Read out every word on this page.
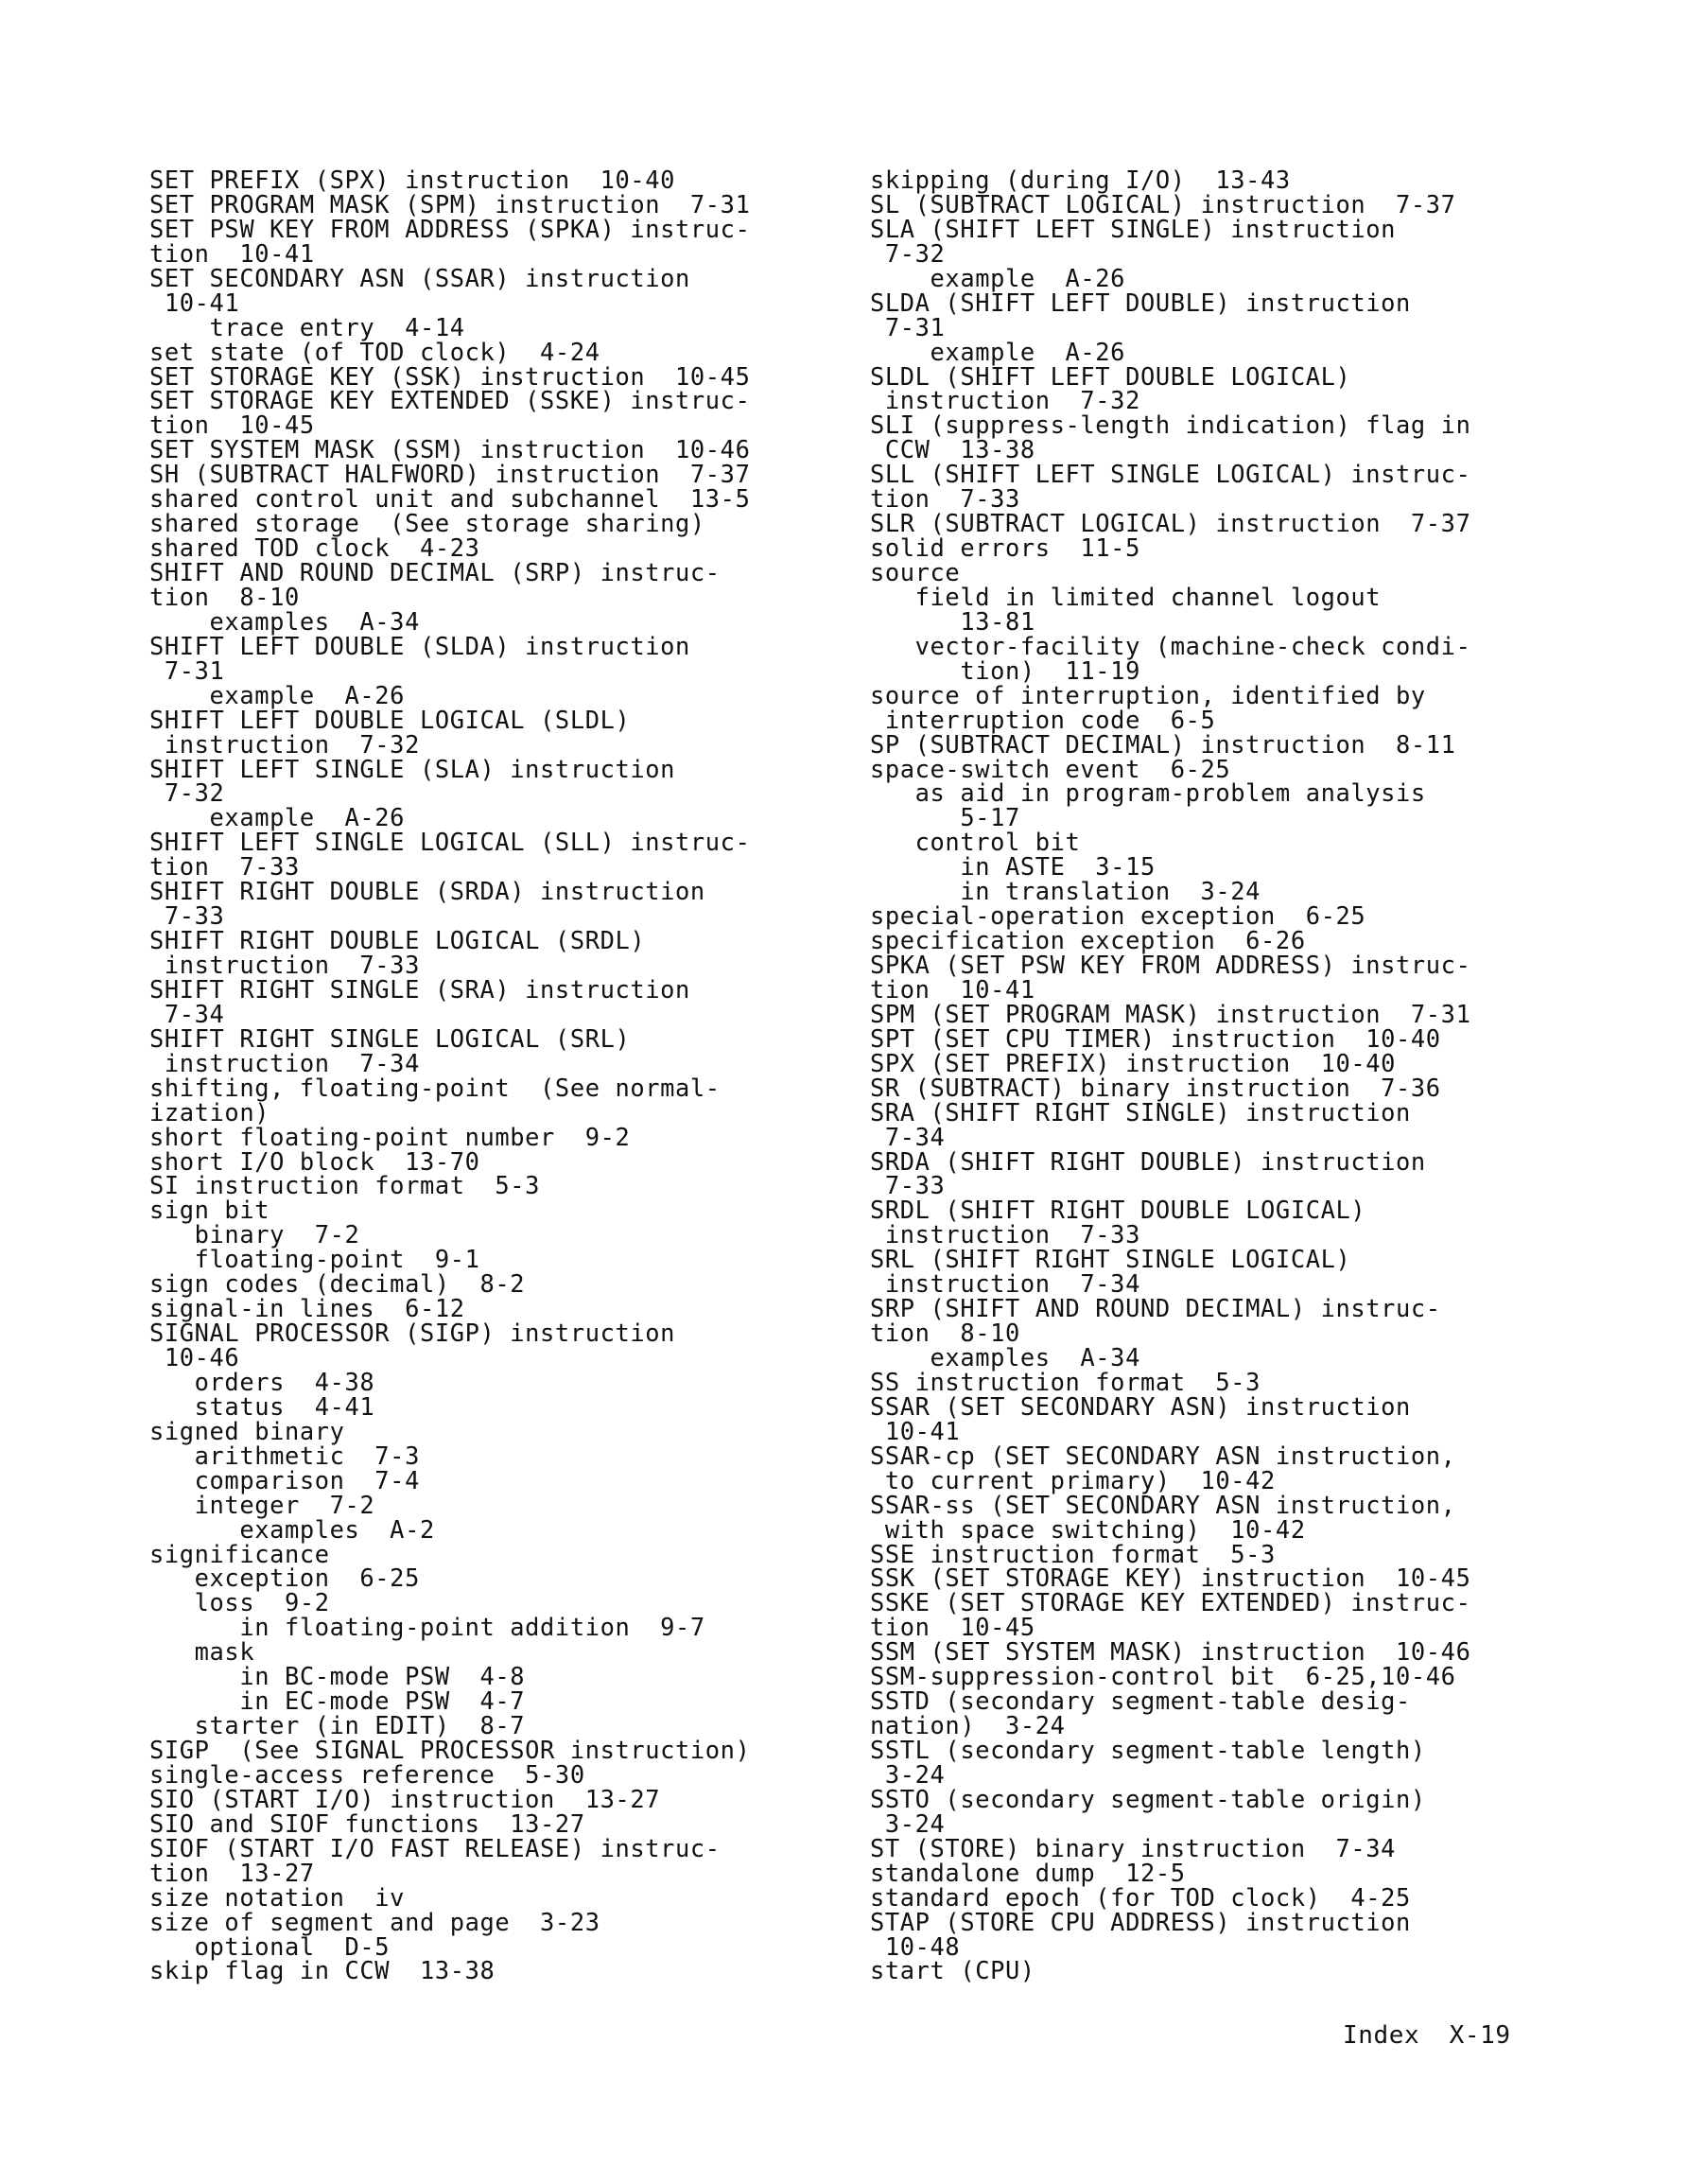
SET PREFIX (SPX) instruction  10-40
SET PROGRAM MASK (SPM) instruction  7-31
SET PSW KEY FROM ADDRESS (SPKA) instruc-
tion  10-41
SET SECONDARY ASN (SSAR) instruction
10-41
trace entry  4-14
set state (of TOD clock)  4-24
SET STORAGE KEY (SSK) instruction  10-45
SET STORAGE KEY EXTENDED (SSKE) instruc-
tion  10-45
SET SYSTEM MASK (SSM) instruction  10-46
SH (SUBTRACT HALFWORD) instruction  7-37
shared control unit and subchannel  13-5
shared storage  (See storage sharing)
shared TOD clock  4-23
SHIFT AND ROUND DECIMAL (SRP) instruc-
tion  8-10
examples  A-34
SHIFT LEFT DOUBLE (SLDA) instruction
7-31
example  A-26
SHIFT LEFT DOUBLE LOGICAL (SLDL)
instruction  7-32
SHIFT LEFT SINGLE (SLA) instruction
7-32
example  A-26
SHIFT LEFT SINGLE LOGICAL (SLL) instruc-
tion  7-33
SHIFT RIGHT DOUBLE (SRDA) instruction
7-33
SHIFT RIGHT DOUBLE LOGICAL (SRDL)
instruction  7-33
SHIFT RIGHT SINGLE (SRA) instruction
7-34
SHIFT RIGHT SINGLE LOGICAL (SRL)
instruction  7-34
shifting, floating-point  (See normal-
ization)
short floating-point number  9-2
short I/O block  13-70
SI instruction format  5-3
sign bit
binary  7-2
floating-point  9-1
sign codes (decimal)  8-2
signal-in lines  6-12
SIGNAL PROCESSOR (SIGP) instruction
10-46
orders  4-38
status  4-41
signed binary
arithmetic  7-3
comparison  7-4
integer  7-2
examples  A-2
significance
exception  6-25
loss  9-2
in floating-point addition  9-7
mask
in BC-mode PSW  4-8
in EC-mode PSW  4-7
starter (in EDIT)  8-7
SIGP  (See SIGNAL PROCESSOR instruction)
single-access reference  5-30
SIO (START I/O) instruction  13-27
SIO and SIOF functions  13-27
SIOF (START I/O FAST RELEASE) instruc-
tion  13-27
size notation  iv
size of segment and page  3-23
optional  D-5
skip flag in CCW  13-38
skipping (during I/O)  13-43
SL (SUBTRACT LOGICAL) instruction  7-37
SLA (SHIFT LEFT SINGLE) instruction
7-32
example  A-26
SLDA (SHIFT LEFT DOUBLE) instruction
7-31
example  A-26
SLDL (SHIFT LEFT DOUBLE LOGICAL)
instruction  7-32
SLI (suppress-length indication) flag in
CCW  13-38
SLL (SHIFT LEFT SINGLE LOGICAL) instruc-
tion  7-33
SLR (SUBTRACT LOGICAL) instruction  7-37
solid errors  11-5
source
field in limited channel logout
13-81
vector-facility (machine-check condi-
tion)  11-19
source of interruption, identified by
interruption code  6-5
SP (SUBTRACT DECIMAL) instruction  8-11
space-switch event  6-25
as aid in program-problem analysis
5-17
control bit
in ASTE  3-15
in translation  3-24
special-operation exception  6-25
specification exception  6-26
SPKA (SET PSW KEY FROM ADDRESS) instruc-
tion  10-41
SPM (SET PROGRAM MASK) instruction  7-31
SPT (SET CPU TIMER) instruction  10-40
SPX (SET PREFIX) instruction  10-40
SR (SUBTRACT) binary instruction  7-36
SRA (SHIFT RIGHT SINGLE) instruction
7-34
SRDA (SHIFT RIGHT DOUBLE) instruction
7-33
SRDL (SHIFT RIGHT DOUBLE LOGICAL)
instruction  7-33
SRL (SHIFT RIGHT SINGLE LOGICAL)
instruction  7-34
SRP (SHIFT AND ROUND DECIMAL) instruc-
tion  8-10
examples  A-34
SS instruction format  5-3
SSAR (SET SECONDARY ASN) instruction
10-41
SSAR-cp (SET SECONDARY ASN instruction,
to current primary)  10-42
SSAR-ss (SET SECONDARY ASN instruction,
with space switching)  10-42
SSE instruction format  5-3
SSK (SET STORAGE KEY) instruction  10-45
SSKE (SET STORAGE KEY EXTENDED) instruc-
tion  10-45
SSM (SET SYSTEM MASK) instruction  10-46
SSM-suppression-control bit  6-25,10-46
SSTD (secondary segment-table desig-
nation)  3-24
SSTL (secondary segment-table length)
3-24
SSTO (secondary segment-table origin)
3-24
ST (STORE) binary instruction  7-34
standalone dump  12-5
standard epoch (for TOD clock)  4-25
STAP (STORE CPU ADDRESS) instruction
10-48
start (CPU)
Index X-19
